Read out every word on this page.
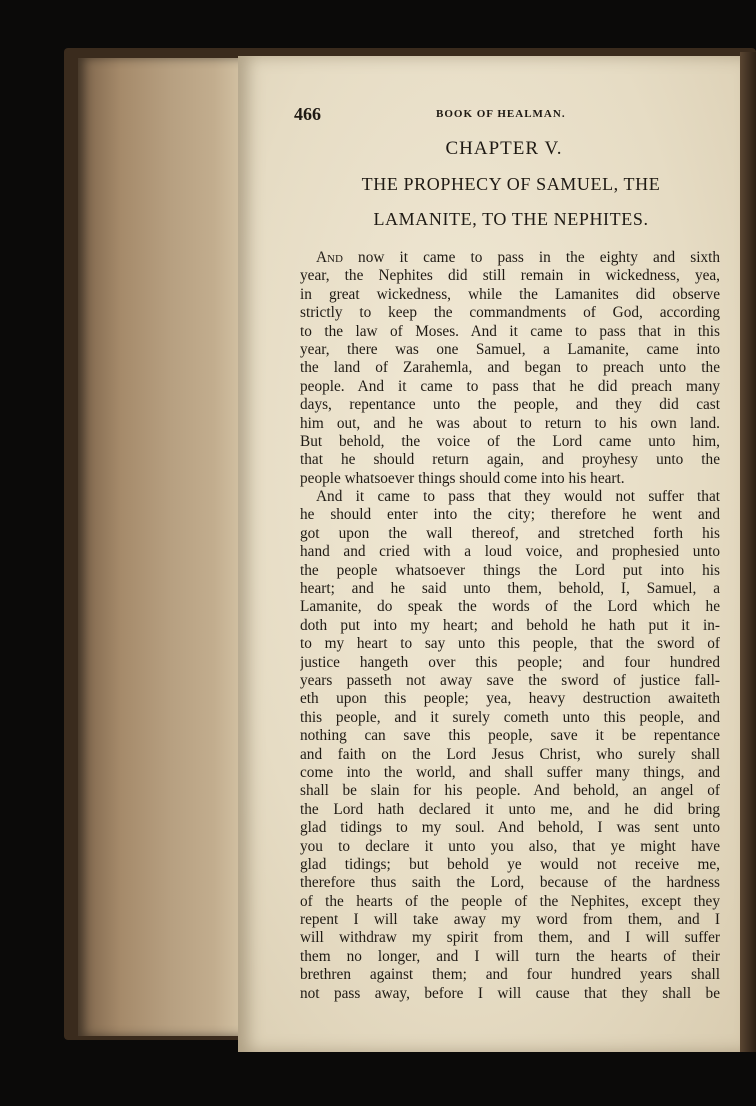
466	BOOK OF HEALMAN.
CHAPTER V.
THE PROPHECY OF SAMUEL, THE
LAMANITE, TO THE NEPHITES.
And now it came to pass in the eighty and sixth
year, the Nephites did still remain in wickedness, yea,
in great wickedness, while the Lamanites did observe
strictly to keep the commandments of God, according
to the law of Moses. And it came to pass that in this
year, there was one Samuel, a Lamanite, came into
the land of Zarahemla, and began to preach unto the
people. And it came to pass that he did preach many
days, repentance unto the people, and they did cast
him out, and he was about to return to his own land.
But behold, the voice of the Lord came unto him,
that he should return again, and proyhesy unto the
people whatsoever things should come into his heart.
And it came to pass that they would not suffer that
he should enter into the city; therefore he went and
got upon the wall thereof, and stretched forth his
hand and cried with a loud voice, and prophesied unto
the people whatsoever things the Lord put into his
heart; and he said unto them, behold, I, Samuel, a
Lamanite, do speak the words of the Lord which he
doth put into my heart; and behold he hath put it in-
to my heart to say unto this people, that the sword of
justice hangeth over this people; and four hundred
years passeth not away save the sword of justice fall-
eth upon this people; yea, heavy destruction awaiteth
this people, and it surely cometh unto this people, and
nothing can save this people, save it be repentance
and faith on the Lord Jesus Christ, who surely shall
come into the world, and shall suffer many things, and
shall be slain for his people. And behold, an angel of
the Lord hath declared it unto me, and he did bring
glad tidings to my soul. And behold, I was sent unto
you to declare it unto you also, that ye might have
glad tidings; but behold ye would not receive me,
therefore thus saith the Lord, because of the hardness
of the hearts of the people of the Nephites, except they
repent I will take away my word from them, and I
will withdraw my spirit from them, and I will suffer
them no longer, and I will turn the hearts of their
brethren against them; and four hundred years shall
not pass away, before I will cause that they shall be
